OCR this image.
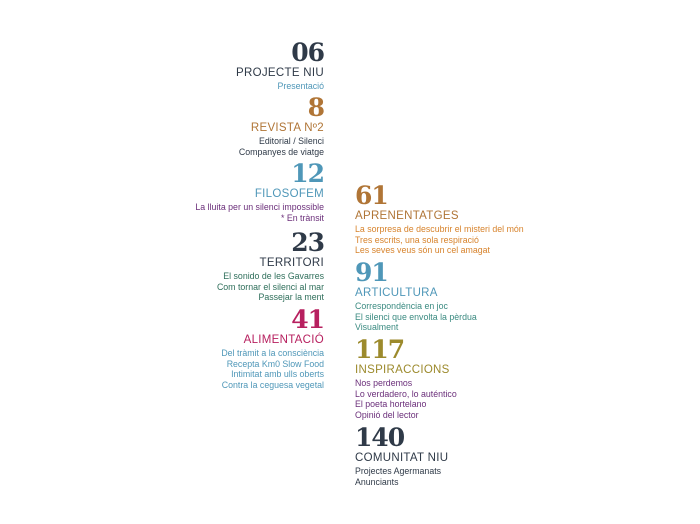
06
PROJECTE NIU
Presentació
8
REVISTA Nº2
Editorial / Silenci
Companyes de viatge
12
FILOSOFEM
La lluita per un silenci impossible
* En trànsit
23
TERRITORI
El sonido de les Gavarres
Com tornar el silenci al mar
Passejar la ment
41
ALIMENTACIÓ
Del tràmit a la consciència
Recepta Km0 Slow Food
Intimitat amb ulls oberts
Contra la ceguesa vegetal
61
APRENENTATGES
La sorpresa de descubrir el misteri del món
Tres escrits, una sola respiració
Les seves veus són un cel amagat
91
ARTICULTURA
Correspondència en joc
El silenci que envolta la pèrdua
Visualment
117
INSPIRACCIONS
Nos perdemos
Lo verdadero, lo auténtico
El poeta hortelano
Opinió del lector
140
COMUNITAT NIU
Projectes Agermanats
Anunciants
